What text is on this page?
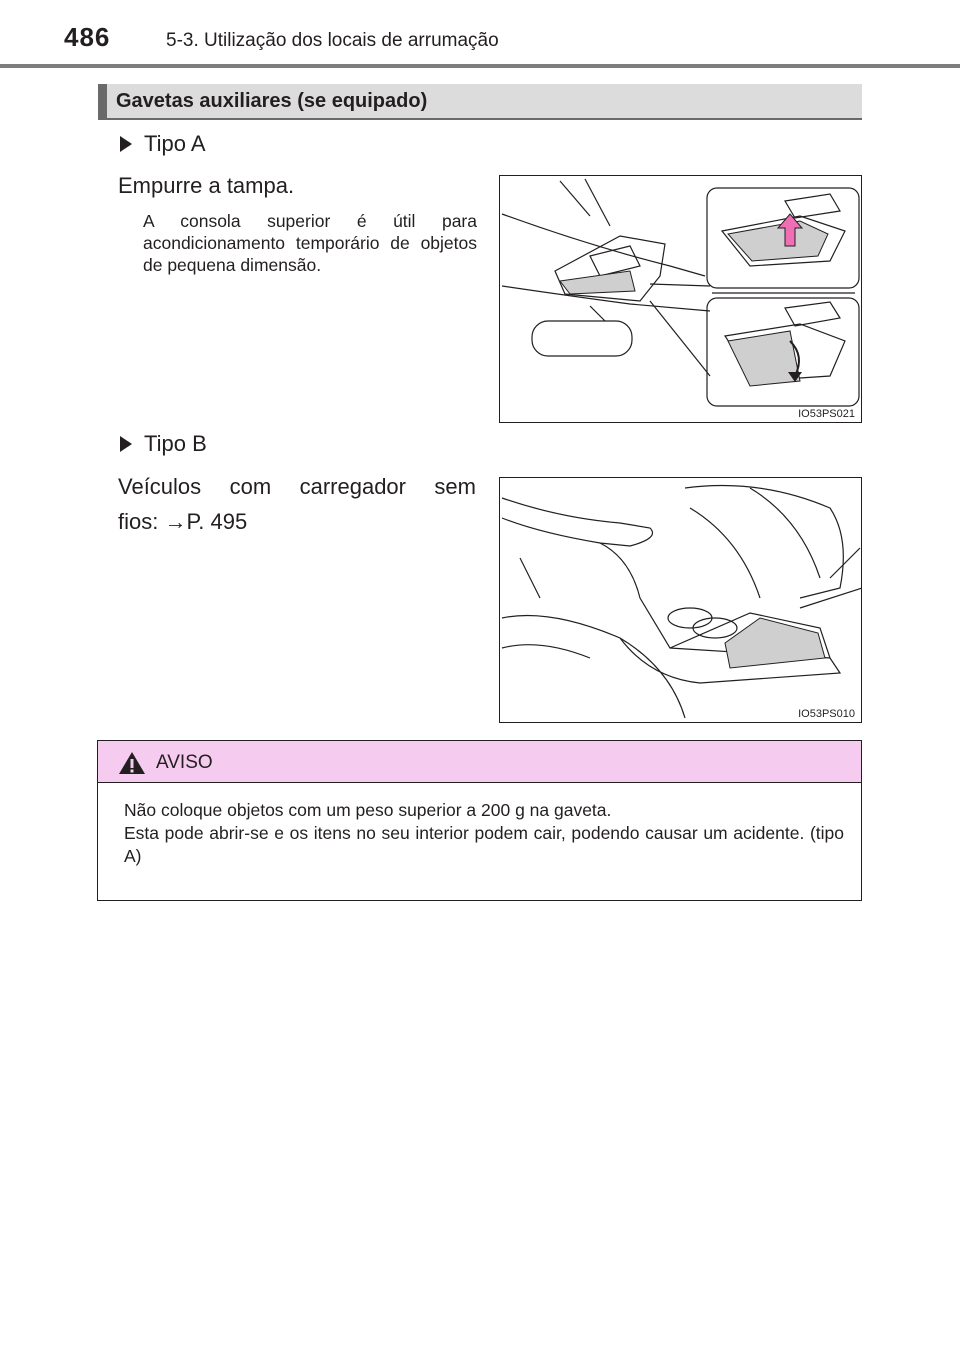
486	5-3. Utilização dos locais de arrumação
Gavetas auxiliares (se equipado)
Tipo A
Empurre a tampa.
A consola superior é útil para acondicionamento temporário de objetos de pequena dimensão.
IO53PS021
Tipo B
Veículos com carregador sem
fios: →P. 495
IO53PS010
AVISO
Não coloque objetos com um peso superior a 200 g na gaveta.
Esta pode abrir-se e os itens no seu interior podem cair, podendo causar um acidente. (tipo A)
